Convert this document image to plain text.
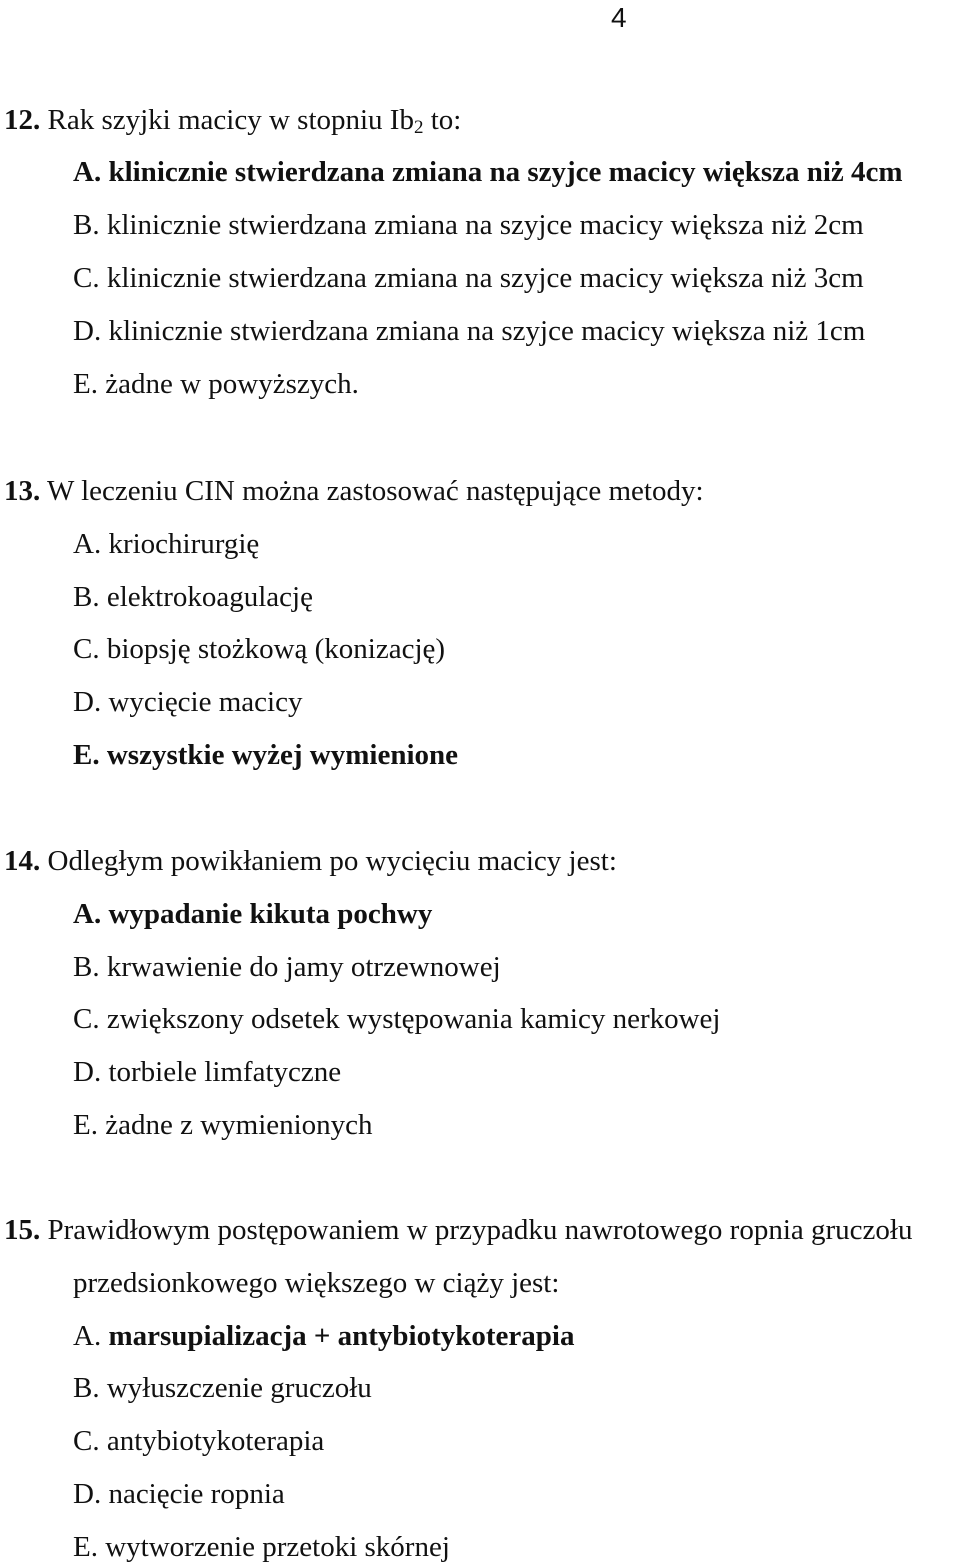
4
12. Rak szyjki macicy w stopniu $Ib_2$ to:
A. klinicznie stwierdzana zmiana na szyjce macicy większa niż 4cm
B. klinicznie stwierdzana zmiana na szyjce macicy większa niż 2cm
C. klinicznie stwierdzana zmiana na szyjce macicy większa niż 3cm
D. klinicznie stwierdzana zmiana na szyjce macicy większa niż 1cm
E. żadne w powyższych.
13. W leczeniu CIN można zastosować następujące metody:
A. kriochirurgię
B. elektrokoagulację
C. biopsję stożkową (konizację)
D. wycięcie macicy
E. wszystkie wyżej wymienione
14. Odległym powikłaniem po wycięciu macicy jest:
A. wypadanie kikuta pochwy
B. krwawienie do jamy otrzewnowej
C. zwiększony odsetek występowania kamicy nerkowej
D. torbiele limfatyczne
E. żadne z wymienionych
15. Prawidłowym postępowaniem w przypadku nawrotowego ropnia gruczołu
przedsionkowego większego w ciąży jest:
A. marsupializacja + antybiotykoterapia
B. wyłuszczenie gruczołu
C. antybiotykoterapia
D. nacięcie ropnia
E. wytworzenie przetoki skórnej
